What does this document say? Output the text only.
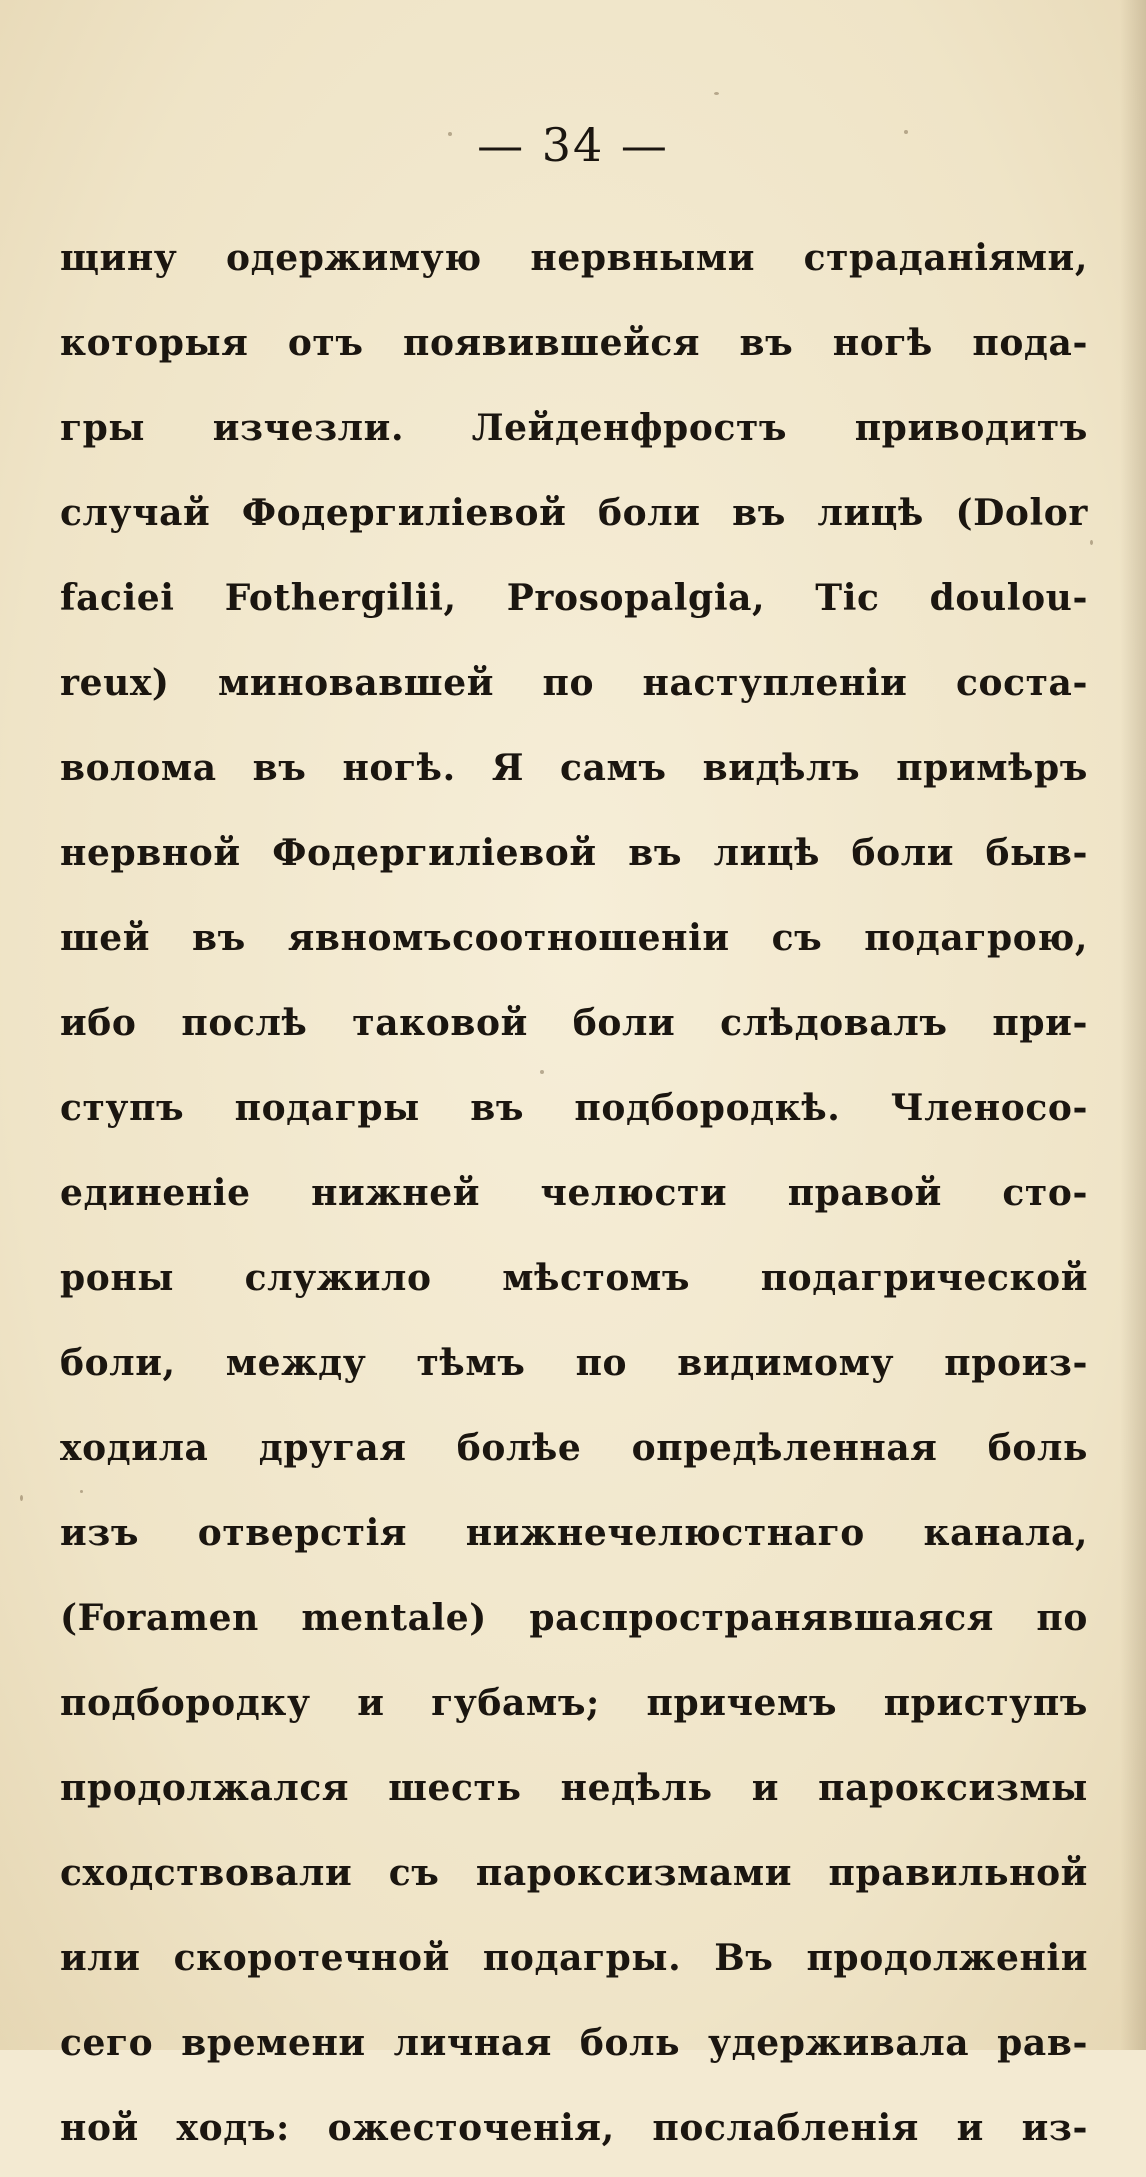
— 34 —
щину одержимую нервными страданіями,
которыя отъ появившейся въ ногѣ пода-
гры изчезли. Лейденфростъ приводитъ
случай Фодергиліевой боли въ лицѣ (Dolor
faciei Fothergilii, Prosopalgia, Tic doulou-
reux) миновавшей по наступленіи соста-
волома въ ногѣ. Я самъ видѣлъ примѣръ
нервной Фодергиліевой въ лицѣ боли быв-
шей въ явномъсоотношеніи съ подагрою,
ибо послѣ таковой боли слѣдовалъ при-
ступъ подагры въ подбородкѣ. Членосо-
единеніе нижней челюсти правой сто-
роны служило мѣстомъ подагрической
боли, между тѣмъ по видимому произ-
ходила другая болѣе опредѣленная боль
изъ отверстія нижнечелюстнаго канала,
(Foramen mentale) распространявшаяся по
подбородку и губамъ; причемъ приступъ
продолжался шесть недѣль и пароксизмы
сходствовали съ пароксизмами правильной
или скоротечной подагры. Въ продолженіи
сего времени личная боль удерживала рав-
ной ходъ: ожесточенія, послабленія и из-
